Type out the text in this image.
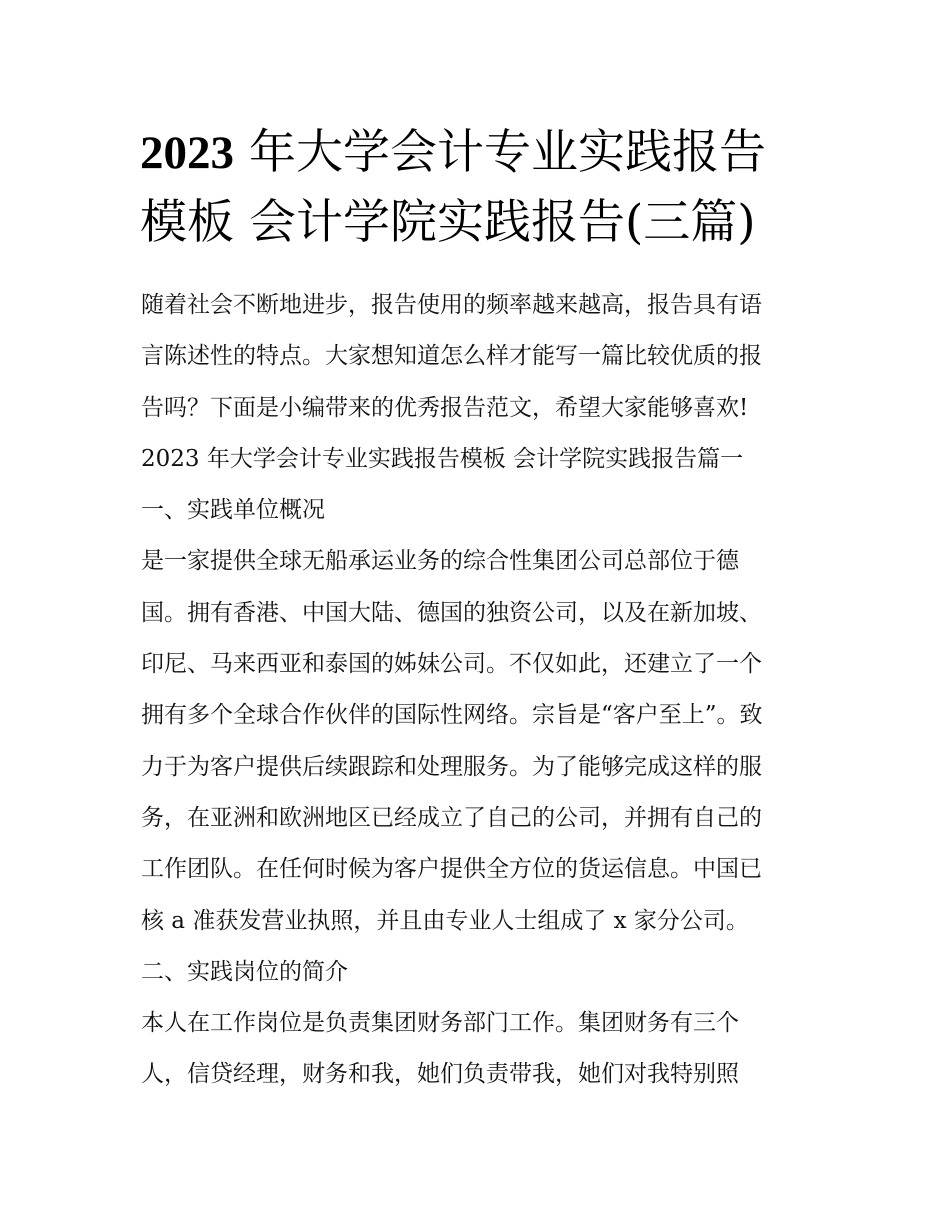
2023 年大学会计专业实践报告
模板 会计学院实践报告(三篇)
随着社会不断地进步，报告使用的频率越来越高，报告具有语
言陈述性的特点。大家想知道怎么样才能写一篇比较优质的报
告吗？下面是小编带来的优秀报告范文，希望大家能够喜欢!
2023 年大学会计专业实践报告模板 会计学院实践报告篇一
一、实践单位概况
是一家提供全球无船承运业务的综合性集团公司总部位于德
国。拥有香港、中国大陆、德国的独资公司，以及在新加坡、
印尼、马来西亚和泰国的姊妹公司。不仅如此，还建立了一个
拥有多个全球合作伙伴的国际性网络。宗旨是“客户至上”。致
力于为客户提供后续跟踪和处理服务。为了能够完成这样的服
务，在亚洲和欧洲地区已经成立了自己的公司，并拥有自己的
工作团队。在任何时候为客户提供全方位的货运信息。中国已
核 a 准获发营业执照，并且由专业人士组成了 x 家分公司。
二、实践岗位的简介
本人在工作岗位是负责集团财务部门工作。集团财务有三个
人，信贷经理，财务和我，她们负责带我，她们对我特别照
